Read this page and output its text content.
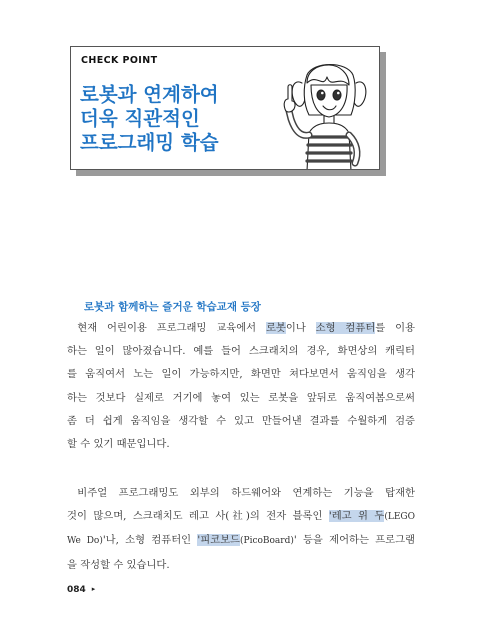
CHECK POINT
로봇과 연계하여
더욱 직관적인
프로그래밍 학습
로봇과 함께하는 즐거운 학습교재 등장
 현재 어린이용 프로그래밍 교육에서 로봇이나 소형 컴퓨터를 이용
하는 일이 많아졌습니다. 예를 들어 스크래치의 경우, 화면상의 캐릭터
를 움직여서 노는 일이 가능하지만, 화면만 쳐다보면서 움직임을 생각
하는 것보다 실제로 거기에 놓여 있는 로봇을 앞뒤로 움직여봄으로써
좀 더 쉽게 움직임을 생각할 수 있고 만들어낸 결과를 수월하게 검증
할 수 있기 때문입니다.
 비주얼 프로그래밍도 외부의 하드웨어와 연계하는 기능을 탑재한
것이 많으며, 스크래치도 레고 사(社)의 전자 블록인 '레고 위 두(LEGO
We Do)'나, 소형 컴퓨터인 '피코보드(PicoBoard)' 등을 제어하는 프로그램
을 작성할 수 있습니다.
084 ▸
